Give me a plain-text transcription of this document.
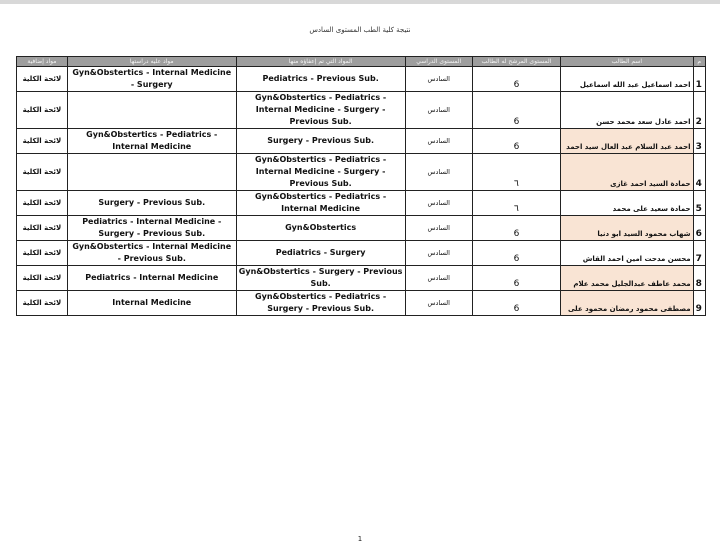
نتيجة كلية الطب المستوى السادس
م	اسم الطالب	المستوى المرشح له الطالب	المستوى الدراسي	المواد التي تم إعفاؤه منها	مواد عليه دراستها	مواد إضافية
1	احمد اسماعيل عبد الله اسماعيل	6	السادس	Pediatrics - Previous Sub.	Gyn&Obstertics - Internal Medicine - Surgery	لائحة الكلية
2	احمد عادل سعد محمد حسن	6	السادس	Gyn&Obstertics - Pediatrics - Internal Medicine - Surgery - Previous Sub.		لائحة الكلية
3	احمد عبد السلام عبد العال سيد احمد	6	السادس	Surgery - Previous Sub.	Gyn&Obstertics - Pediatrics - Internal Medicine	لائحة الكلية
4	حمادة السيد احمد غازى	٦	السادس	Gyn&Obstertics - Pediatrics - Internal Medicine - Surgery - Previous Sub.		لائحة الكلية
5	حمادة سعيد على محمد	٦	السادس	Gyn&Obstertics - Pediatrics - Internal Medicine	Surgery - Previous Sub.	لائحة الكلية
6	شهاب محمود السيد ابو دنيا	6	السادس	Gyn&Obstertics	Pediatrics - Internal Medicine - Surgery - Previous Sub.	لائحة الكلية
7	محسن مدحت امين احمد القاش	6	السادس	Pediatrics - Surgery	Gyn&Obstertics - Internal Medicine - Previous Sub.	لائحة الكلية
8	محمد عاطف عبدالجليل محمد علام	6	السادس	Gyn&Obstertics - Surgery - Previous Sub.	Pediatrics - Internal Medicine	لائحة الكلية
9	مصطفى محمود رمضان محمود على	6	السادس	Gyn&Obstertics - Pediatrics - Surgery - Previous Sub.	Internal Medicine	لائحة الكلية
1
